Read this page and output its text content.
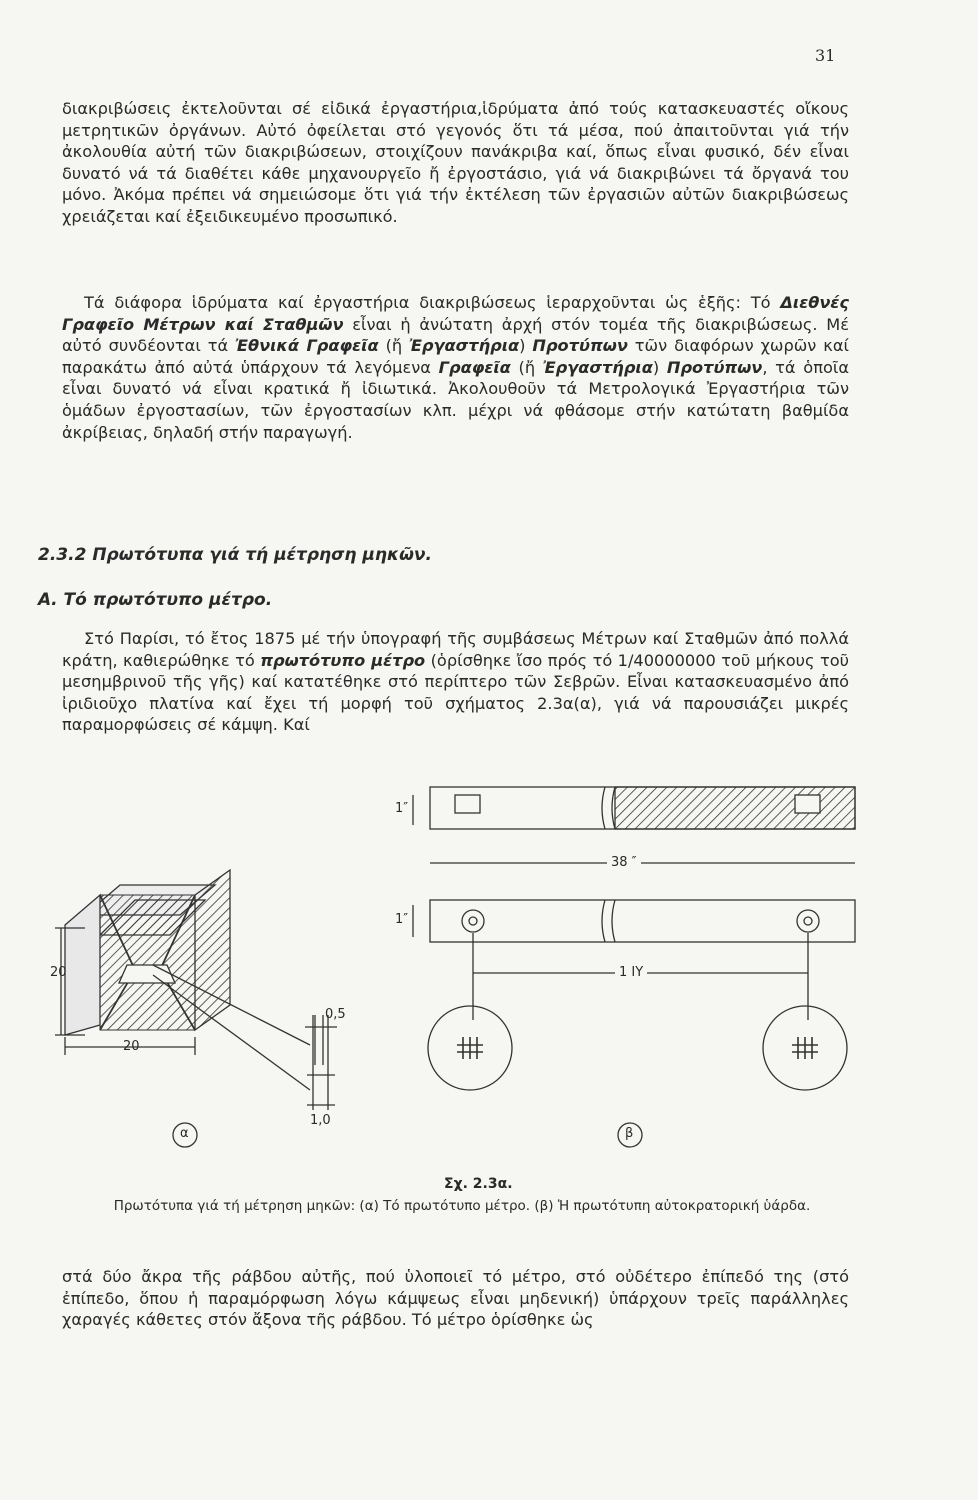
31

διακριβώσεις ἐκτελοῦνται σέ εἰδικά ἐργαστήρια,ἱδρύματα ἀπό τούς κατασκευαστές οἴκους μετρητικῶν ὀργάνων. Αὐτό ὀφείλεται στό γεγονός ὅτι τά μέσα, πού ἀπαιτοῦνται γιά τήν ἀκολουθία αὐτή τῶν διακριβώσεων, στοιχίζουν πανάκριβα καί, ὅπως εἶναι φυσικό, δέν εἶναι δυνατό νά τά διαθέτει κάθε μηχανουργεῖο ἤ ἐργοστάσιο, γιά νά διακριβώνει τά ὄργανά του μόνο. Ἀκόμα πρέπει νά σημειώσομε ὅτι γιά τήν ἐκτέλεση τῶν ἐργασιῶν αὐτῶν διακριβώσεως χρειάζεται καί ἐξειδικευμένο προσωπικό.

Τά διάφορα ἱδρύματα καί ἐργαστήρια διακριβώσεως ἱεραρχοῦνται ὡς ἑξῆς: Τό Διεθνές Γραφεῖο Μέτρων καί Σταθμῶν εἶναι ἡ ἀνώτατη ἀρχή στόν τομέα τῆς διακριβώσεως. Μέ αὐτό συνδέονται τά Ἐθνικά Γραφεῖα (ἤ Ἐργαστήρια) Προτύπων τῶν διαφόρων χωρῶν καί παρακάτω ἀπό αὐτά ὑπάρχουν τά λεγόμενα Γραφεῖα (ἤ Ἐργαστήρια) Προτύπων, τά ὁποῖα εἶναι δυνατό νά εἶναι κρατικά ἤ ἰδιωτικά. Ἀκολουθοῦν τά Μετρολογικά Ἐργαστήρια τῶν ὁμάδων ἐργοστασίων, τῶν ἐργοστασίων κλπ. μέχρι νά φθάσομε στήν κατώτατη βαθμίδα ἀκρίβειας, δηλαδή στήν παραγωγή.

2.3.2 Πρωτότυπα γιά τή μέτρηση μηκῶν.
Α. Τό πρωτότυπο μέτρο.

Στό Παρίσι, τό ἔτος 1875 μέ τήν ὑπογραφή τῆς συμβάσεως Μέτρων καί Σταθμῶν ἀπό πολλά κράτη, καθιερώθηκε τό πρωτότυπο μέτρο (ὁρίσθηκε ἴσο πρός τό 1/40000000 τοῦ μήκους τοῦ μεσημβρινοῦ τῆς γῆς) καί κατατέθηκε στό περίπτερο τῶν Σεβρῶν. Εἶναι κατασκευασμένο ἀπό ἰριδιοῦχο πλατίνα καί ἔχει τή μορφή τοῦ σχήματος 2.3α(α), γιά νά παρουσιάζει μικρές παραμορφώσεις σέ κάμψη. Καί

20
20
0,5
1,0
38 ″
1″
1″
1 ΙΥ
α	β
Σχ. 2.3α.
Πρωτότυπα γιά τή μέτρηση μηκῶν: (α) Τό πρωτότυπο μέτρο. (β) Ἡ πρωτότυπη αὐτοκρατορική ὑάρδα.

στά δύο ἄκρα τῆς ράβδου αὐτῆς, πού ὑλοποιεῖ τό μέτρο, στό οὐδέτερο ἐπίπεδό της (στό ἐπίπεδο, ὅπου ἡ παραμόρφωση λόγω κάμψεως εἶναι μηδενική) ὑπάρχουν τρεῖς παράλληλες χαραγές κάθετες στόν ἄξονα τῆς ράβδου. Τό μέτρο ὁρίσθηκε ὡς
